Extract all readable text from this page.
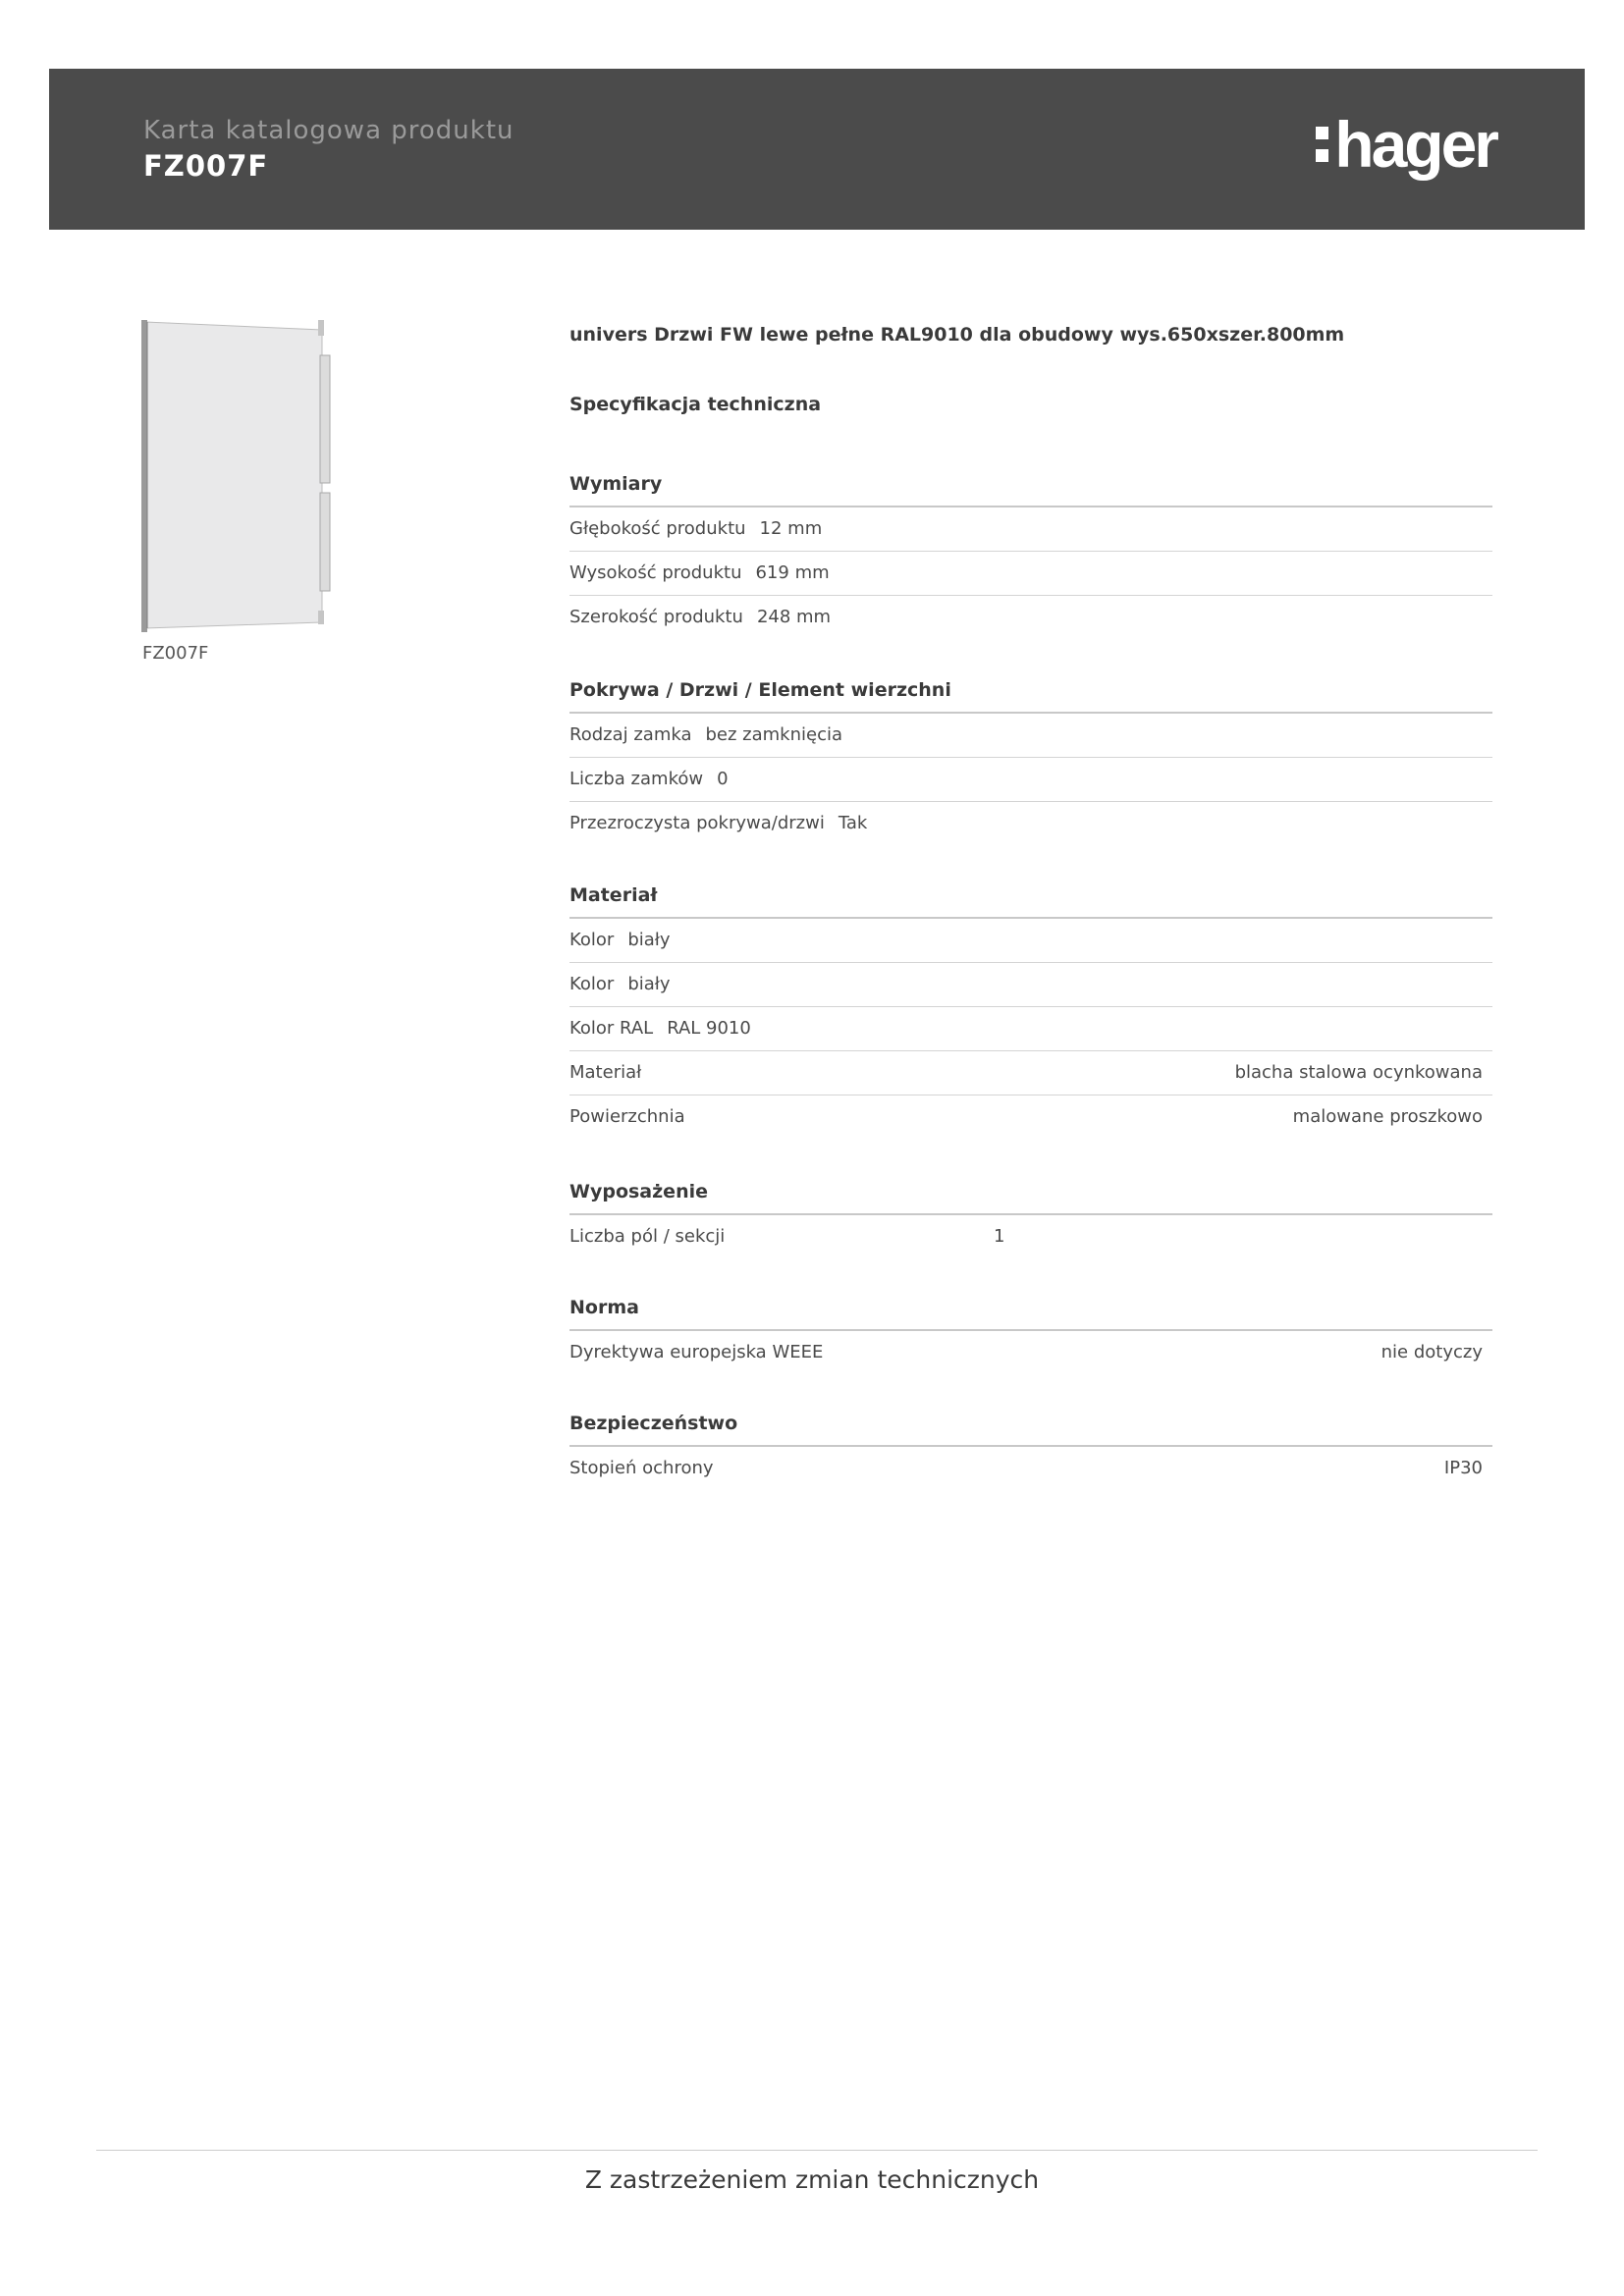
Karta katalogowa produktu
FZ007F	hager
FZ007F
univers Drzwi FW lewe pełne RAL9010 dla obudowy wys.650xszer.800mm
Specyfikacja techniczna
Wymiary
Głębokość produktu 12 mm
Wysokość produktu 619 mm
Szerokość produktu 248 mm
Pokrywa / Drzwi / Element wierzchni
Rodzaj zamka bez zamknięcia
Liczba zamków 0
Przezroczysta pokrywa/drzwi Tak
Materiał
Kolor biały
Kolor biały
Kolor RAL RAL 9010
Materiał	blacha stalowa ocynkowana
Powierzchnia	malowane proszkowo
Wyposażenie
Liczba pól / sekcji	1
Norma
Dyrektywa europejska WEEE	nie dotyczy
Bezpieczeństwo
Stopień ochrony	IP30
Z zastrzeżeniem zmian technicznych
